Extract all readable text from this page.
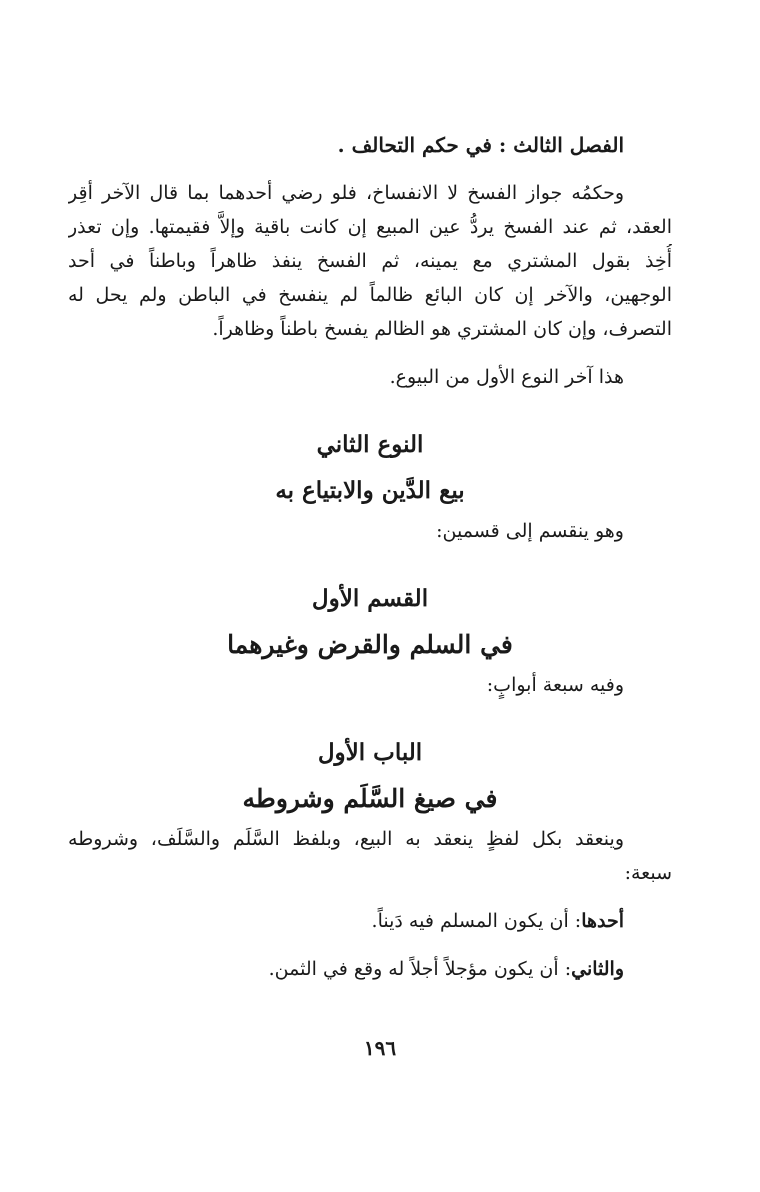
الفصل الثالث : في حكم التحالف .
وحكمُه جواز الفسخ لا الانفساخ، فلو رضي أحدهما بما قال الآخر أقِر
العقد، ثم عند الفسخ يردُّ عين المبيع إن كانت باقية وإلاَّ فقيمتها. وإن تعذر
أُخِذ بقول المشتري مع يمينه، ثم الفسخ ينفذ ظاهراً وباطناً في أحد
الوجهين، والآخر إن كان البائع ظالماً لم ينفسخ في الباطن ولم يحل له
التصرف، وإن كان المشتري هو الظالم يفسخ باطناً وظاهراً.
هذا آخر النوع الأول من البيوع.
النوع الثاني
بيع الدَّين والابتياع به
وهو ينقسم إلى قسمين:
القسم الأول
في السلم والقرض وغيرهما
وفيه سبعة أبوابٍ:
الباب الأول
في صيغ السَّلَم وشروطه
وينعقد بكل لفظٍ ينعقد به البيع، وبلفظ السَّلَم والسَّلَف، وشروطه
سبعة:
أحدها: أن يكون المسلم فيه دَيناً.
والثاني: أن يكون مؤجلاً أجلاً له وقع في الثمن.
١٩٦
